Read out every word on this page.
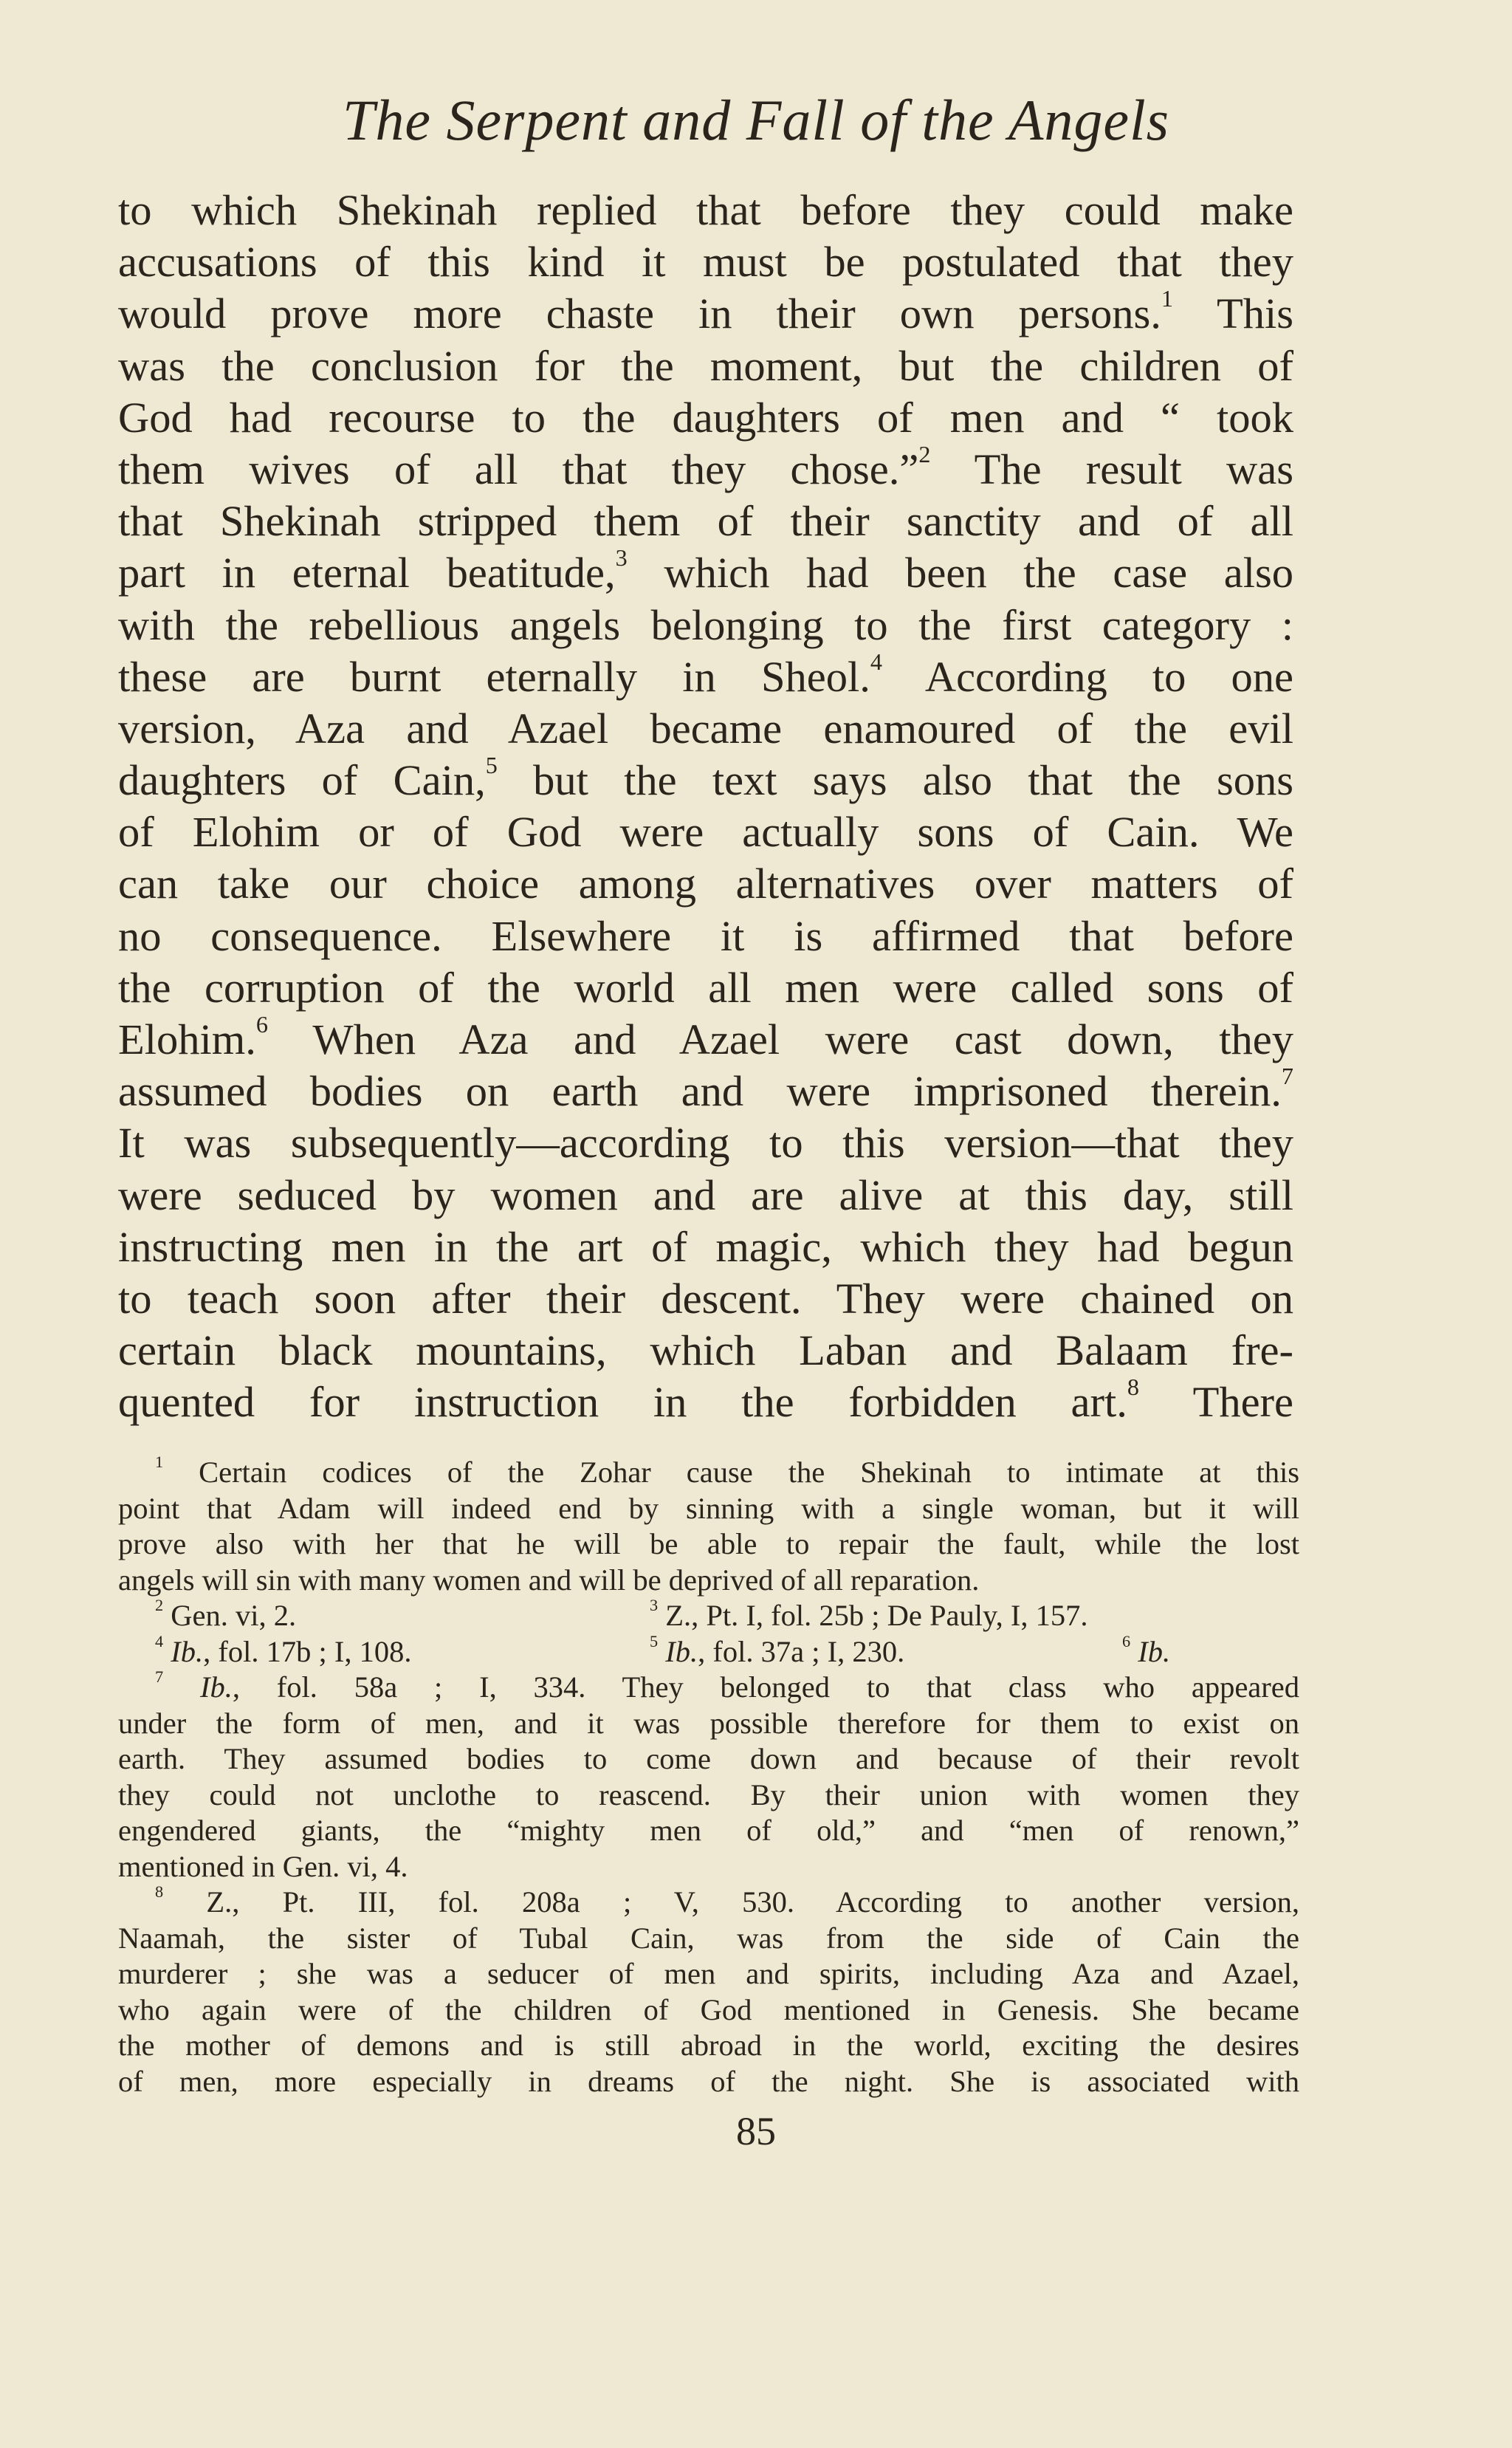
The Serpent and Fall of the Angels
to which Shekinah replied that before they could make
accusations of this kind it must be postulated that they
would prove more chaste in their own persons.$^1$ This
was the conclusion for the moment, but the children of
God had recourse to the daughters of men and “ took
them wives of all that they chose.”$^2$ The result was
that Shekinah stripped them of their sanctity and of all
part in eternal beatitude,$^3$ which had been the case also
with the rebellious angels belonging to the first category :
these are burnt eternally in Sheol.$^4$ According to one
version, Aza and Azael became enamoured of the evil
daughters of Cain,$^5$ but the text says also that the sons
of Elohim or of God were actually sons of Cain. We
can take our choice among alternatives over matters of
no consequence. Elsewhere it is affirmed that before
the corruption of the world all men were called sons of
Elohim.$^6$ When Aza and Azael were cast down, they
assumed bodies on earth and were imprisoned therein.$^7$
It was subsequently—according to this version—that they
were seduced by women and are alive at this day, still
instructing men in the art of magic, which they had begun
to teach soon after their descent. They were chained on
certain black mountains, which Laban and Balaam fre-
quented for instruction in the forbidden art.$^8$ There
$^1$ Certain codices of the Zohar cause the Shekinah to intimate at this
point that Adam will indeed end by sinning with a single woman, but it will
prove also with her that he will be able to repair the fault, while the lost
angels will sin with many women and will be deprived of all reparation.
$^2$ Gen. vi, 2.	$^3$ Z., Pt. I, fol. 25b ; De Pauly, I, 157.
$^4$ Ib., fol. 17b ; I, 108.	$^5$ Ib., fol. 37a ; I, 230.	$^6$ Ib.
$^7$ Ib., fol. 58a ; I, 334. They belonged to that class who appeared
under the form of men, and it was possible therefore for them to exist on
earth. They assumed bodies to come down and because of their revolt
they could not unclothe to reascend. By their union with women they
engendered giants, the “mighty men of old,” and “men of renown,”
mentioned in Gen. vi, 4.
$^8$ Z., Pt. III, fol. 208a ; V, 530. According to another version,
Naamah, the sister of Tubal Cain, was from the side of Cain the
murderer ; she was a seducer of men and spirits, including Aza and Azael,
who again were of the children of God mentioned in Genesis. She became
the mother of demons and is still abroad in the world, exciting the desires
of men, more especially in dreams of the night. She is associated with
85
